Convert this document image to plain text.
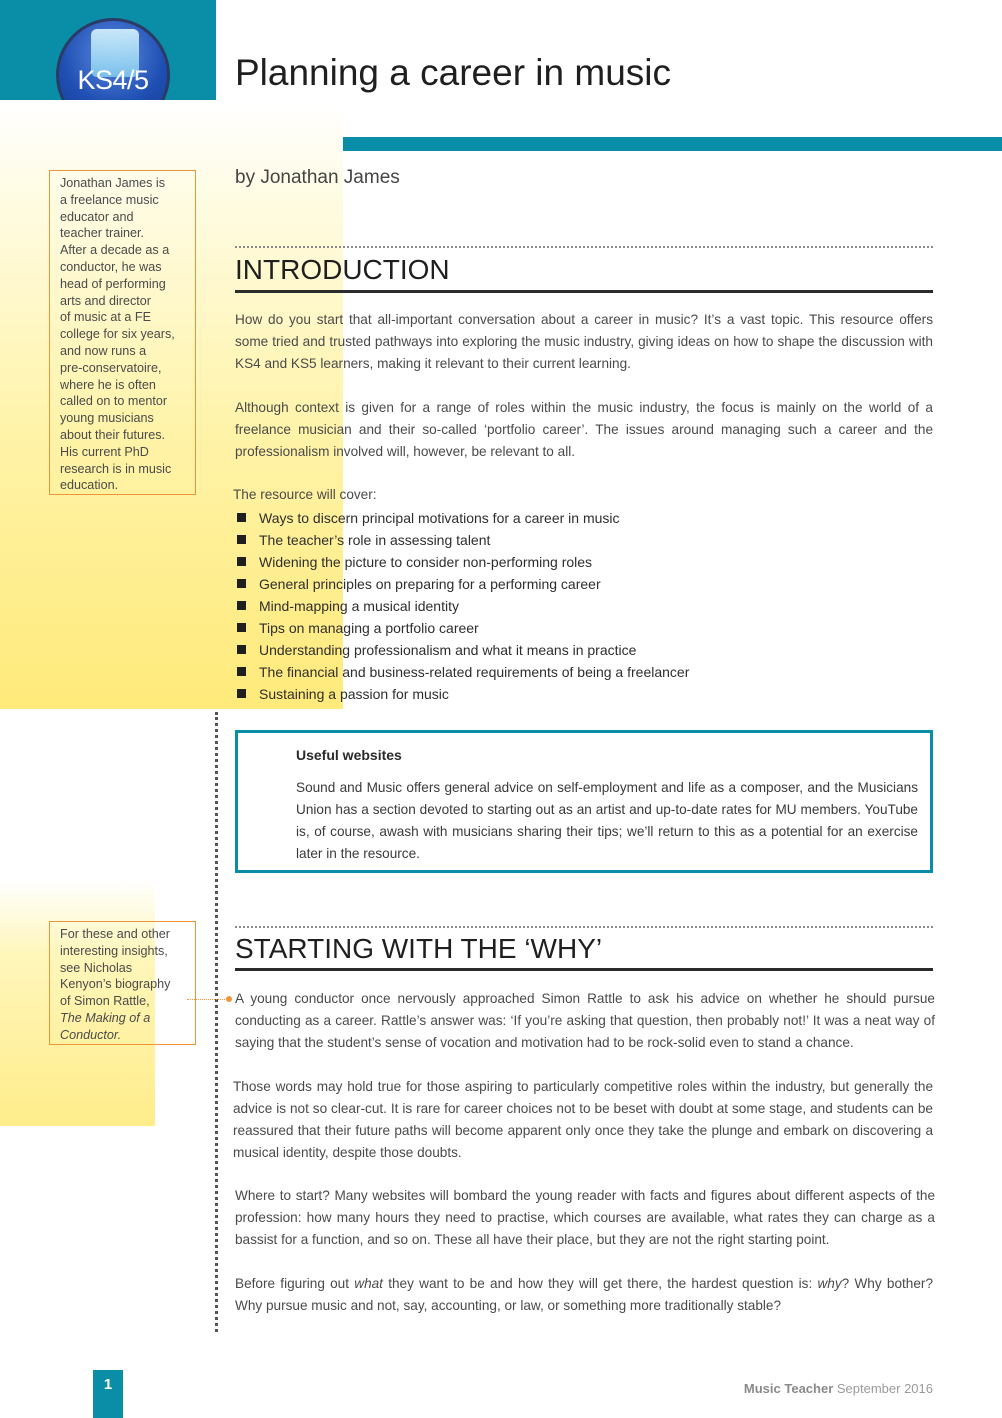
KS4/5	Planning a career in music
by Jonathan James
Jonathan James is
a freelance music
educator and
teacher trainer.
After a decade as a
conductor, he was
head of performing
arts and director
of music at a FE
college for six years,
and now runs a
pre-conservatoire,
where he is often
called on to mentor
young musicians
about their futures.
His current PhD
research is in music
education.
INTRODUCTION
How do you start that all-important conversation about a career in music? It’s a vast topic. This resource offers some tried and trusted pathways into exploring the music industry, giving ideas on how to shape the discussion with KS4 and KS5 learners, making it relevant to their current learning.
Although context is given for a range of roles within the music industry, the focus is mainly on the world of a freelance musician and their so-called ‘portfolio career’. The issues around managing such a career and the professionalism involved will, however, be relevant to all.
The resource will cover:
Ways to discern principal motivations for a career in music
The teacher’s role in assessing talent
Widening the picture to consider non-performing roles
General principles on preparing for a performing career
Mind-mapping a musical identity
Tips on managing a portfolio career
Understanding professionalism and what it means in practice
The financial and business-related requirements of being a freelancer
Sustaining a passion for music
Useful websites
Sound and Music offers general advice on self-employment and life as a composer, and the Musicians Union has a section devoted to starting out as an artist and up-to-date rates for MU members. YouTube is, of course, awash with musicians sharing their tips; we’ll return to this as a potential for an exercise later in the resource.
For these and other
interesting insights,
see Nicholas
Kenyon’s biography
of Simon Rattle,
The Making of a
Conductor.
STARTING WITH THE ‘WHY’
A young conductor once nervously approached Simon Rattle to ask his advice on whether he should pursue conducting as a career. Rattle’s answer was: ‘If you’re asking that question, then probably not!’ It was a neat way of saying that the student’s sense of vocation and motivation had to be rock-solid even to stand a chance.
Those words may hold true for those aspiring to particularly competitive roles within the industry, but generally the advice is not so clear-cut. It is rare for career choices not to be beset with doubt at some stage, and students can be reassured that their future paths will become apparent only once they take the plunge and embark on discovering a musical identity, despite those doubts.
Where to start? Many websites will bombard the young reader with facts and figures about different aspects of the profession: how many hours they need to practise, which courses are available, what rates they can charge as a bassist for a function, and so on. These all have their place, but they are not the right starting point.
Before figuring out what they want to be and how they will get there, the hardest question is: why? Why bother? Why pursue music and not, say, accounting, or law, or something more traditionally stable?
1	Music Teacher September 2016
